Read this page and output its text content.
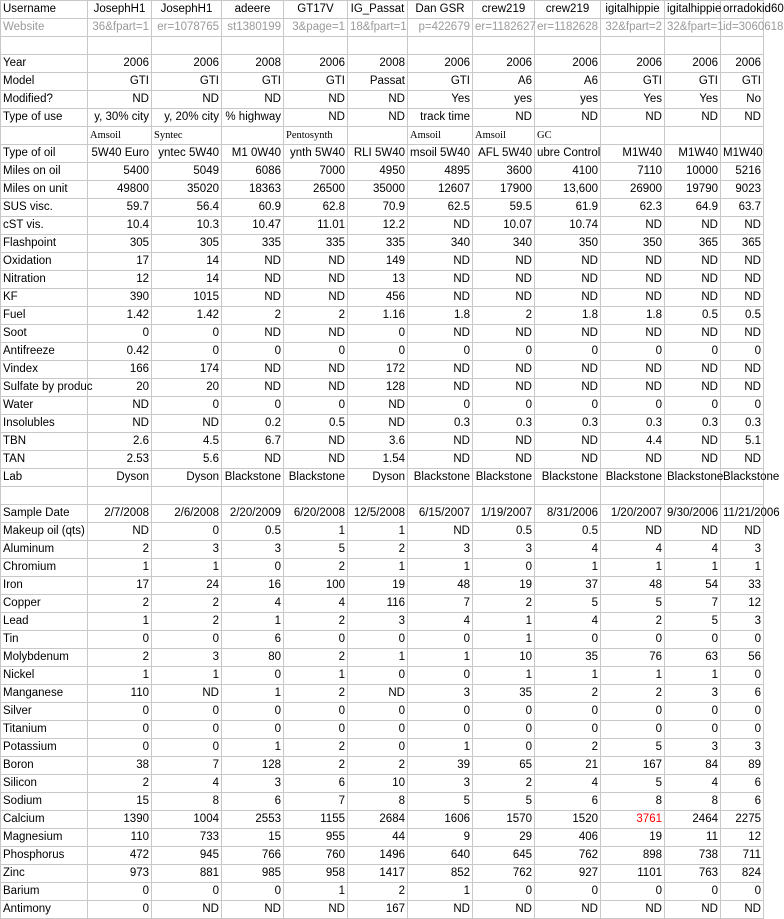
Username	JosephH1	JosephH1	adeere	GT17V	IG_Passat	Dan GSR	crew219	crew219	igitalhippie	igitalhippie	orradokid60
Website	36&fpart=1	er=1078765	st1380199	3&page=1	18&fpart=1	p=422679	er=1182627	er=1182628	32&fpart=2	32&fpart=1	id=3060618

Year	2006	2006	2008	2006	2008	2006	2006	2006	2006	2006	2006
Model	GTI	GTI	GTI	GTI	Passat	GTI	A6	A6	GTI	GTI	GTI
Modified?	ND	ND	ND	ND	ND	Yes	yes	yes	Yes	Yes	No
Type of use	y, 30% city	y, 20% city	% highway	ND	ND	track time	ND	ND	ND	ND	ND
	Amsoil	Syntec		Pentosynth		Amsoil	Amsoil	GC			
Type of oil	5W40 Euro	yntec 5W40	M1 0W40	ynth 5W40	RLI 5W40	msoil 5W40	AFL 5W40	ubre Control	M1W40	M1W40	M1W40
Miles on oil	5400	5049	6086	7000	4950	4895	3600	4100	7110	10000	5216
Miles on unit	49800	35020	18363	26500	35000	12607	17900	13,600	26900	19790	9023
SUS visc.	59.7	56.4	60.9	62.8	70.9	62.5	59.5	61.9	62.3	64.9	63.7
cST vis.	10.4	10.3	10.47	11.01	12.2	ND	10.07	10.74	ND	ND	ND
Flashpoint	305	305	335	335	335	340	340	350	350	365	365
Oxidation	17	14	ND	ND	149	ND	ND	ND	ND	ND	ND
Nitration	12	14	ND	ND	13	ND	ND	ND	ND	ND	ND
KF	390	1015	ND	ND	456	ND	ND	ND	ND	ND	ND
Fuel	1.42	1.42	2	2	1.16	1.8	2	1.8	1.8	0.5	0.5
Soot	0	0	ND	ND	0	ND	ND	ND	ND	ND	ND
Antifreeze	0.42	0	0	0	0	0	0	0	0	0	0
Vindex	166	174	ND	ND	172	ND	ND	ND	ND	ND	ND
Sulfate by produc	20	20	ND	ND	128	ND	ND	ND	ND	ND	ND
Water	ND	0	0	0	ND	0	0	0	0	0	0
Insolubles	ND	ND	0.2	0.5	ND	0.3	0.3	0.3	0.3	0.3	0.3
TBN	2.6	4.5	6.7	ND	3.6	ND	ND	ND	4.4	ND	5.1
TAN	2.53	5.6	ND	ND	1.54	ND	ND	ND	ND	ND	ND
Lab	Dyson	Dyson	Blackstone	Blackstone	Dyson	Blackstone	Blackstone	Blackstone	Blackstone	Blackstone	Blackstone

Sample Date	2/7/2008	2/6/2008	2/20/2009	6/20/2008	12/5/2008	6/15/2007	1/19/2007	8/31/2006	1/20/2007	9/30/2006	11/21/2006
Makeup oil (qts)	ND	0	0.5	1	1	ND	0.5	0.5	ND	ND	ND
Aluminum	2	3	3	5	2	3	3	4	4	4	3
Chromium	1	1	0	2	1	1	0	1	1	1	1
Iron	17	24	16	100	19	48	19	37	48	54	33
Copper	2	2	4	4	116	7	2	5	5	7	12
Lead	1	2	1	2	3	4	1	4	2	5	3
Tin	0	0	6	0	0	0	1	0	0	0	0
Molybdenum	2	3	80	2	1	1	10	35	76	63	56
Nickel	1	1	0	1	0	0	1	1	1	1	0
Manganese	110	ND	1	2	ND	3	35	2	2	3	6
Silver	0	0	0	0	0	0	0	0	0	0	0
Titanium	0	0	0	0	0	0	0	0	0	0	0
Potassium	0	0	1	2	0	1	0	2	5	3	3
Boron	38	7	128	2	2	39	65	21	167	84	89
Silicon	2	4	3	6	10	3	2	4	5	4	6
Sodium	15	8	6	7	8	5	5	6	8	8	6
Calcium	1390	1004	2553	1155	2684	1606	1570	1520	3761	2464	2275
Magnesium	110	733	15	955	44	9	29	406	19	11	12
Phosphorus	472	945	766	760	1496	640	645	762	898	738	711
Zinc	973	881	985	958	1417	852	762	927	1101	763	824
Barium	0	0	0	1	2	1	0	0	0	0	0
Antimony	0	ND	ND	ND	167	ND	ND	ND	ND	ND	ND
